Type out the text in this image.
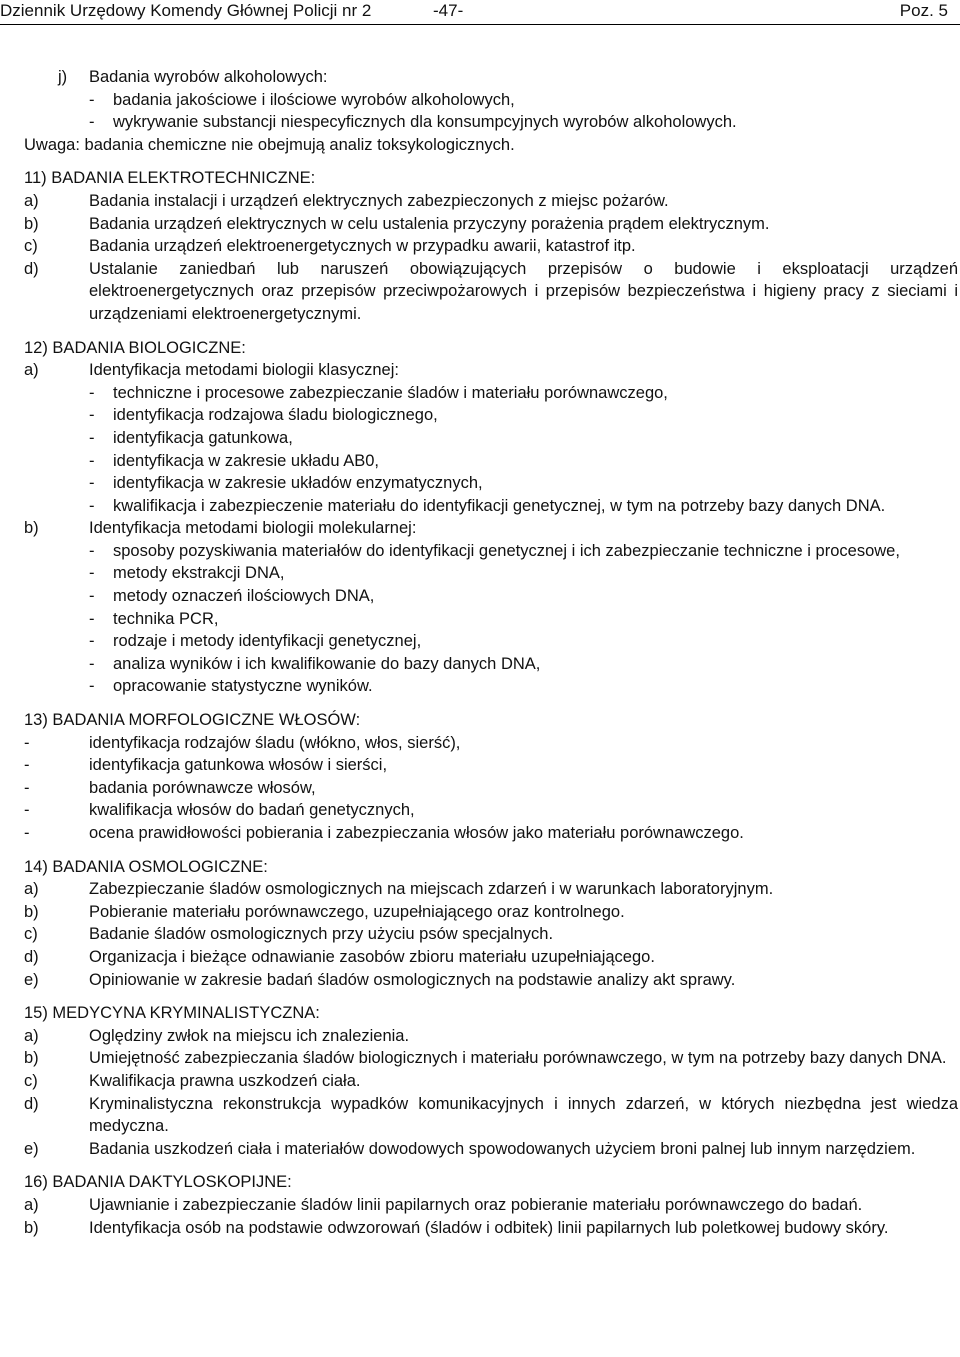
Dziennik Urzędowy Komendy Głównej Policji nr 2	-47-	Poz. 5
j)	Badania wyrobów alkoholowych:
-	badania jakościowe i ilościowe wyrobów alkoholowych,
-	wykrywanie substancji niespecyficznych dla konsumpcyjnych wyrobów alkoholowych.
Uwaga: badania chemiczne nie obejmują analiz toksykologicznych.
11) BADANIA ELEKTROTECHNICZNE:
a)	Badania instalacji i urządzeń elektrycznych zabezpieczonych z miejsc pożarów.
b)	Badania urządzeń elektrycznych w celu ustalenia przyczyny porażenia prądem elektrycznym.
c)	Badania urządzeń elektroenergetycznych w przypadku awarii, katastrof itp.
d)	Ustalanie zaniedbań lub naruszeń obowiązujących przepisów o budowie i eksploatacji urządzeń elektroenergetycznych oraz przepisów przeciwpożarowych i przepisów bezpieczeństwa i higieny pracy z sieciami i urządzeniami elektroenergetycznymi.
12) BADANIA BIOLOGICZNE:
a)	Identyfikacja metodami biologii klasycznej:
-	techniczne i procesowe zabezpieczanie śladów i materiału porównawczego,
-	identyfikacja rodzajowa śladu biologicznego,
-	identyfikacja gatunkowa,
-	identyfikacja w zakresie układu AB0,
-	identyfikacja w zakresie układów enzymatycznych,
-	kwalifikacja i zabezpieczenie materiału do identyfikacji genetycznej, w tym na potrzeby bazy danych DNA.
b)	Identyfikacja metodami biologii molekularnej:
-	sposoby pozyskiwania materiałów do identyfikacji genetycznej i ich zabezpieczanie techniczne i procesowe,
-	metody ekstrakcji DNA,
-	metody oznaczeń ilościowych DNA,
-	technika PCR,
-	rodzaje i metody identyfikacji genetycznej,
-	analiza wyników i ich kwalifikowanie do bazy danych DNA,
-	opracowanie statystyczne wyników.
13) BADANIA MORFOLOGICZNE WŁOSÓW:
-	identyfikacja rodzajów śladu (włókno, włos, sierść),
-	identyfikacja gatunkowa włosów i sierści,
-	badania porównawcze włosów,
-	kwalifikacja włosów do badań genetycznych,
-	ocena prawidłowości pobierania i zabezpieczania włosów jako materiału porównawczego.
14) BADANIA OSMOLOGICZNE:
a)	Zabezpieczanie śladów osmologicznych na miejscach zdarzeń i w warunkach laboratoryjnym.
b)	Pobieranie materiału porównawczego, uzupełniającego oraz kontrolnego.
c)	Badanie śladów osmologicznych przy użyciu psów specjalnych.
d)	Organizacja i bieżące odnawianie zasobów zbioru materiału uzupełniającego.
e)	Opiniowanie w zakresie badań śladów osmologicznych na podstawie analizy akt sprawy.
15) MEDYCYNA KRYMINALISTYCZNA:
a)	Oględziny zwłok na miejscu ich znalezienia.
b)	Umiejętność zabezpieczania śladów biologicznych i materiału porównawczego, w tym na potrzeby bazy danych DNA.
c)	Kwalifikacja prawna uszkodzeń ciała.
d)	Kryminalistyczna rekonstrukcja wypadków komunikacyjnych i innych zdarzeń, w których niezbędna jest wiedza medyczna.
e)	Badania uszkodzeń ciała i materiałów dowodowych spowodowanych użyciem broni palnej lub innym narzędziem.
16) BADANIA DAKTYLOSKOPIJNE:
a)	Ujawnianie i zabezpieczanie śladów linii papilarnych oraz pobieranie materiału porównawczego do badań.
b)	Identyfikacja osób na podstawie odwzorowań (śladów i odbitek) linii papilarnych lub poletkowej budowy skóry.
